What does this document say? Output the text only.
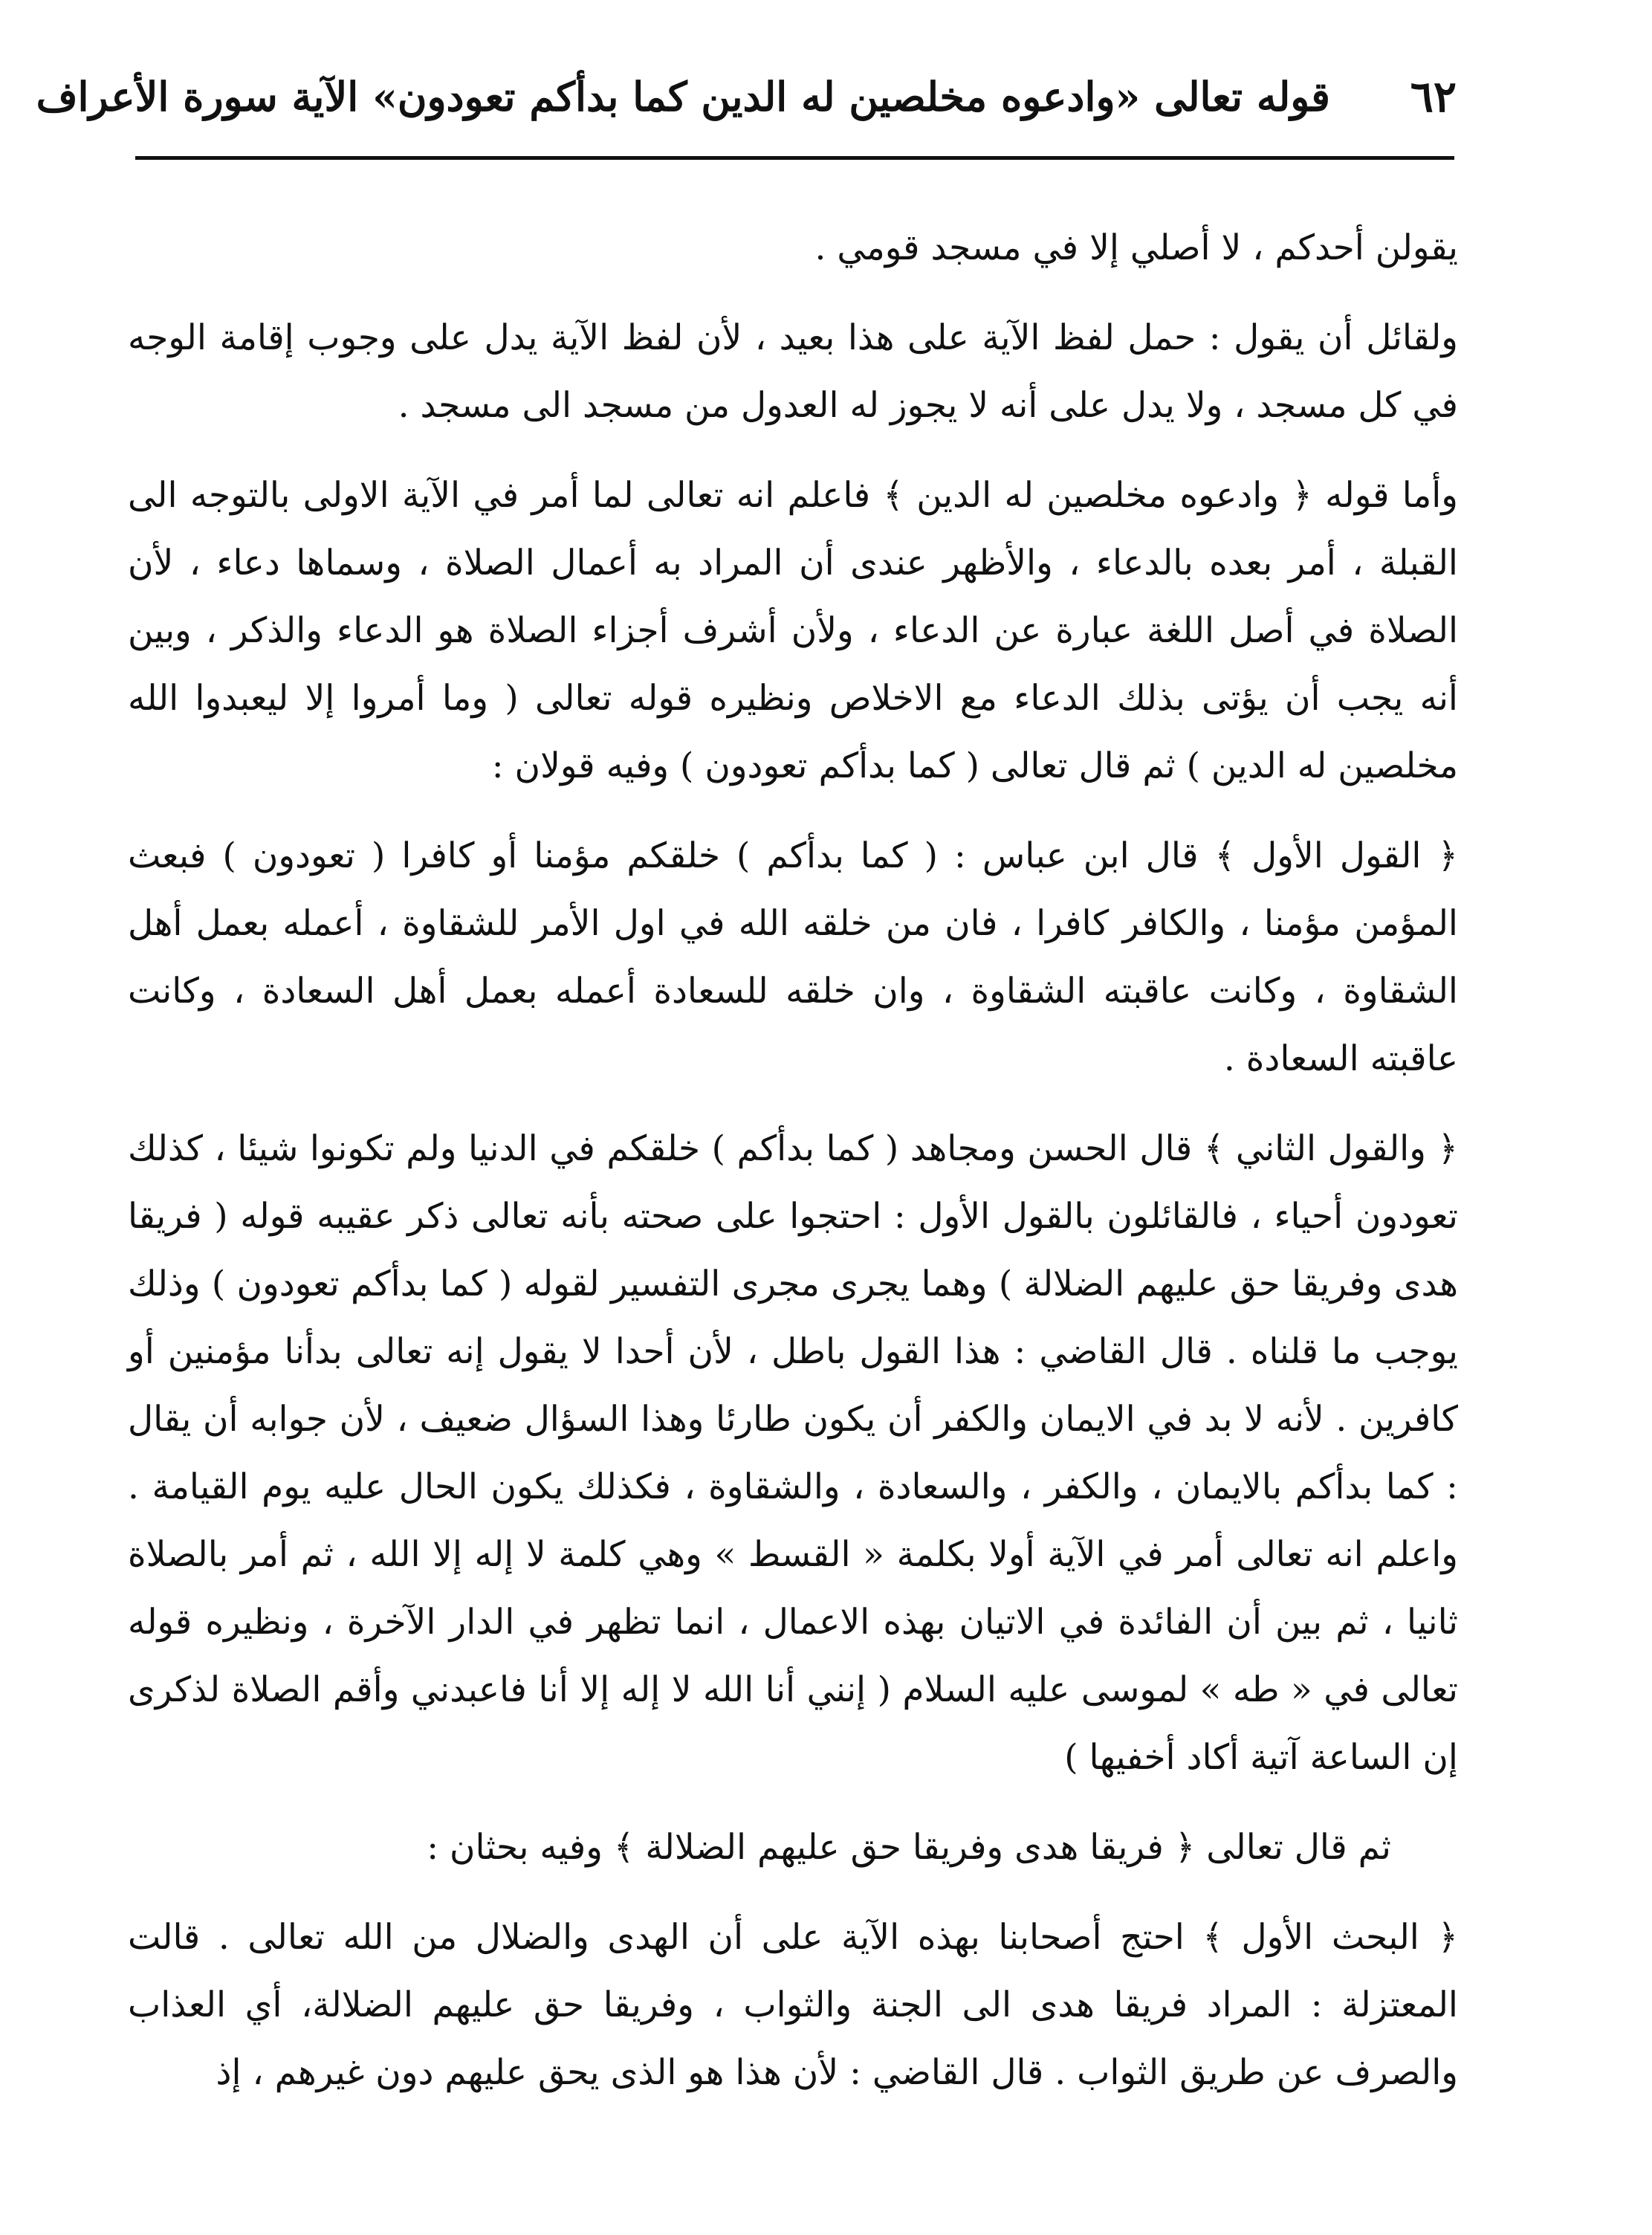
٦٢
قوله تعالى «وادعوه مخلصين له الدين كما بدأكم تعودون» الآية سورة الأعراف

يقولن أحدكم ، لا أصلي إلا في مسجد قومي .

ولقائل أن يقول : حمل لفظ الآية على هذا بعيد ، لأن لفظ الآية يدل على وجوب إقامة الوجه في كل مسجد ، ولا يدل على أنه لا يجوز له العدول من مسجد الى مسجد .

وأما قوله ﴿ وادعوه مخلصين له الدين ﴾ فاعلم انه تعالى لما أمر في الآية الاولى بالتوجه الى القبلة ، أمر بعده بالدعاء ، والأظهر عندى أن المراد به أعمال الصلاة ، وسماها دعاء ، لأن الصلاة في أصل اللغة عبارة عن الدعاء ، ولأن أشرف أجزاء الصلاة هو الدعاء والذكر ، وبين أنه يجب أن يؤتى بذلك الدعاء مع الاخلاص ونظيره قوله تعالى ( وما أمروا إلا ليعبدوا الله مخلصين له الدين ) ثم قال تعالى ( كما بدأكم تعودون ) وفيه قولان :

﴿ القول الأول ﴾ قال ابن عباس : ( كما بدأكم ) خلقكم مؤمنا أو كافرا ( تعودون ) فبعث المؤمن مؤمنا ، والكافر كافرا ، فان من خلقه الله في اول الأمر للشقاوة ، أعمله بعمل أهل الشقاوة ، وكانت عاقبته الشقاوة ، وان خلقه للسعادة أعمله بعمل أهل السعادة ، وكانت عاقبته السعادة .

﴿ والقول الثاني ﴾ قال الحسن ومجاهد ( كما بدأكم ) خلقكم في الدنيا ولم تكونوا شيئا ، كذلك تعودون أحياء ، فالقائلون بالقول الأول : احتجوا على صحته بأنه تعالى ذكر عقيبه قوله ( فريقا هدى وفريقا حق عليهم الضلالة ) وهما يجرى مجرى التفسير لقوله ( كما بدأكم تعودون ) وذلك يوجب ما قلناه . قال القاضي : هذا القول باطل ، لأن أحدا لا يقول إنه تعالى بدأنا مؤمنين أو كافرين . لأنه لا بد في الايمان والكفر أن يكون طارئا وهذا السؤال ضعيف ، لأن جوابه أن يقال : كما بدأكم بالايمان ، والكفر ، والسعادة ، والشقاوة ، فكذلك يكون الحال عليه يوم القيامة . واعلم انه تعالى أمر في الآية أولا بكلمة « القسط » وهي كلمة لا إله إلا الله ، ثم أمر بالصلاة ثانيا ، ثم بين أن الفائدة في الاتيان بهذه الاعمال ، انما تظهر في الدار الآخرة ، ونظيره قوله تعالى في « طه » لموسى عليه السلام ( إنني أنا الله لا إله إلا أنا فاعبدني وأقم الصلاة لذكرى إن الساعة آتية أكاد أخفيها )

ثم قال تعالى ﴿ فريقا هدى وفريقا حق عليهم الضلالة ﴾ وفيه بحثان :

﴿ البحث الأول ﴾ احتج أصحابنا بهذه الآية على أن الهدى والضلال من الله تعالى . قالت المعتزلة : المراد فريقا هدى الى الجنة والثواب ، وفريقا حق عليهم الضلالة، أي العذاب والصرف عن طريق الثواب . قال القاضي : لأن هذا هو الذى يحق عليهم دون غيرهم ، إذ
